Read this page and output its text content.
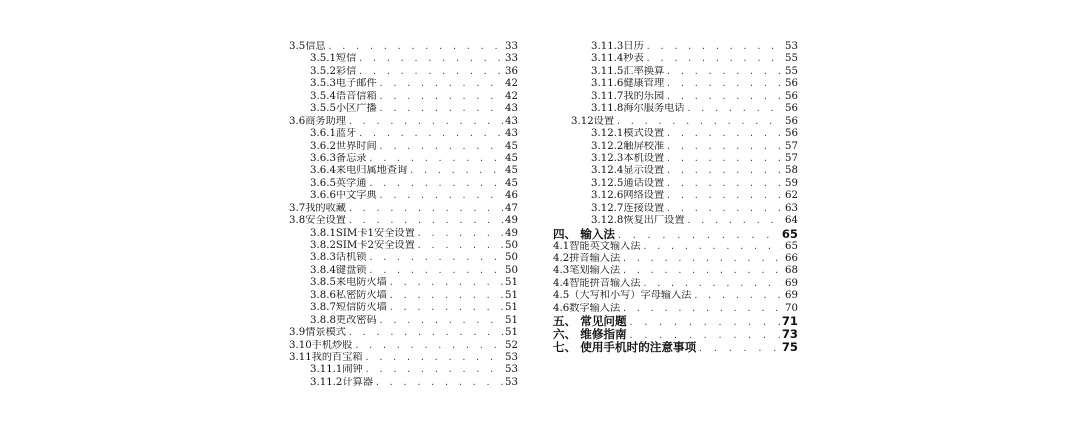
3.5信息 . . .	33
3.5.1短信 . . .	33
3.5.2彩信 . . .	36
3.5.3电子邮件 . . .	42
3.5.4语音信箱 . . .	42
3.5.5小区广播 . . .	43
3.6商务助理 . . .	43
3.6.1蓝牙 . . .	43
3.6.2世界时间 . . .	45
3.6.3备忘录 . . .	45
3.6.4来电归属地查询 . . .	45
3.6.5英学通 . . .	45
3.6.6中文字典 . . .	46
3.7我的收藏 . . .	47
3.8安全设置 . . .	49
3.8.1SIM卡1安全设置 . . .	49
3.8.2SIM卡2安全设置 . . .	50
3.8.3话机锁 . . .	50
3.8.4键盘锁 . . .	50
3.8.5来电防火墙 . . .	51
3.8.6私密防火墙 . . .	51
3.8.7短信防火墙 . . .	51
3.8.8更改密码 . . .	51
3.9情景模式 . . .	51
3.10手机炒股 . . .	52
3.11我的百宝箱 . . .	53
3.11.1闹钟 . . .	53
3.11.2计算器 . . .	53
3.11.3日历 . . .	53
3.11.4秒表 . . .	55
3.11.5汇率换算 . . .	55
3.11.6健康管理 . . .	56
3.11.7我的乐园 . . .	56
3.11.8海尔服务电话 . . .	56
3.12设置 . . .	56
3.12.1模式设置 . . .	56
3.12.2触屏校准 . . .	57
3.12.3本机设置 . . .	57
3.12.4显示设置 . . .	58
3.12.5通话设置 . . .	59
3.12.6网络设置 . . .	62
3.12.7连接设置 . . .	63
3.12.8恢复出厂设置 . . .	64
四、 输入法 . . .	65
4.1智能英文输入法 . . .	65
4.2拼音输入法 . . .	66
4.3笔划输入法 . . .	68
4.4智能拼音输入法 . . .	69
4.5（大写和小写）字母输入法 . . .	69
4.6数字输入法 . . .	70
五、 常见问题 . . .	71
六、 维修指南 . . .	73
七、 使用手机时的注意事项 . . .	75
